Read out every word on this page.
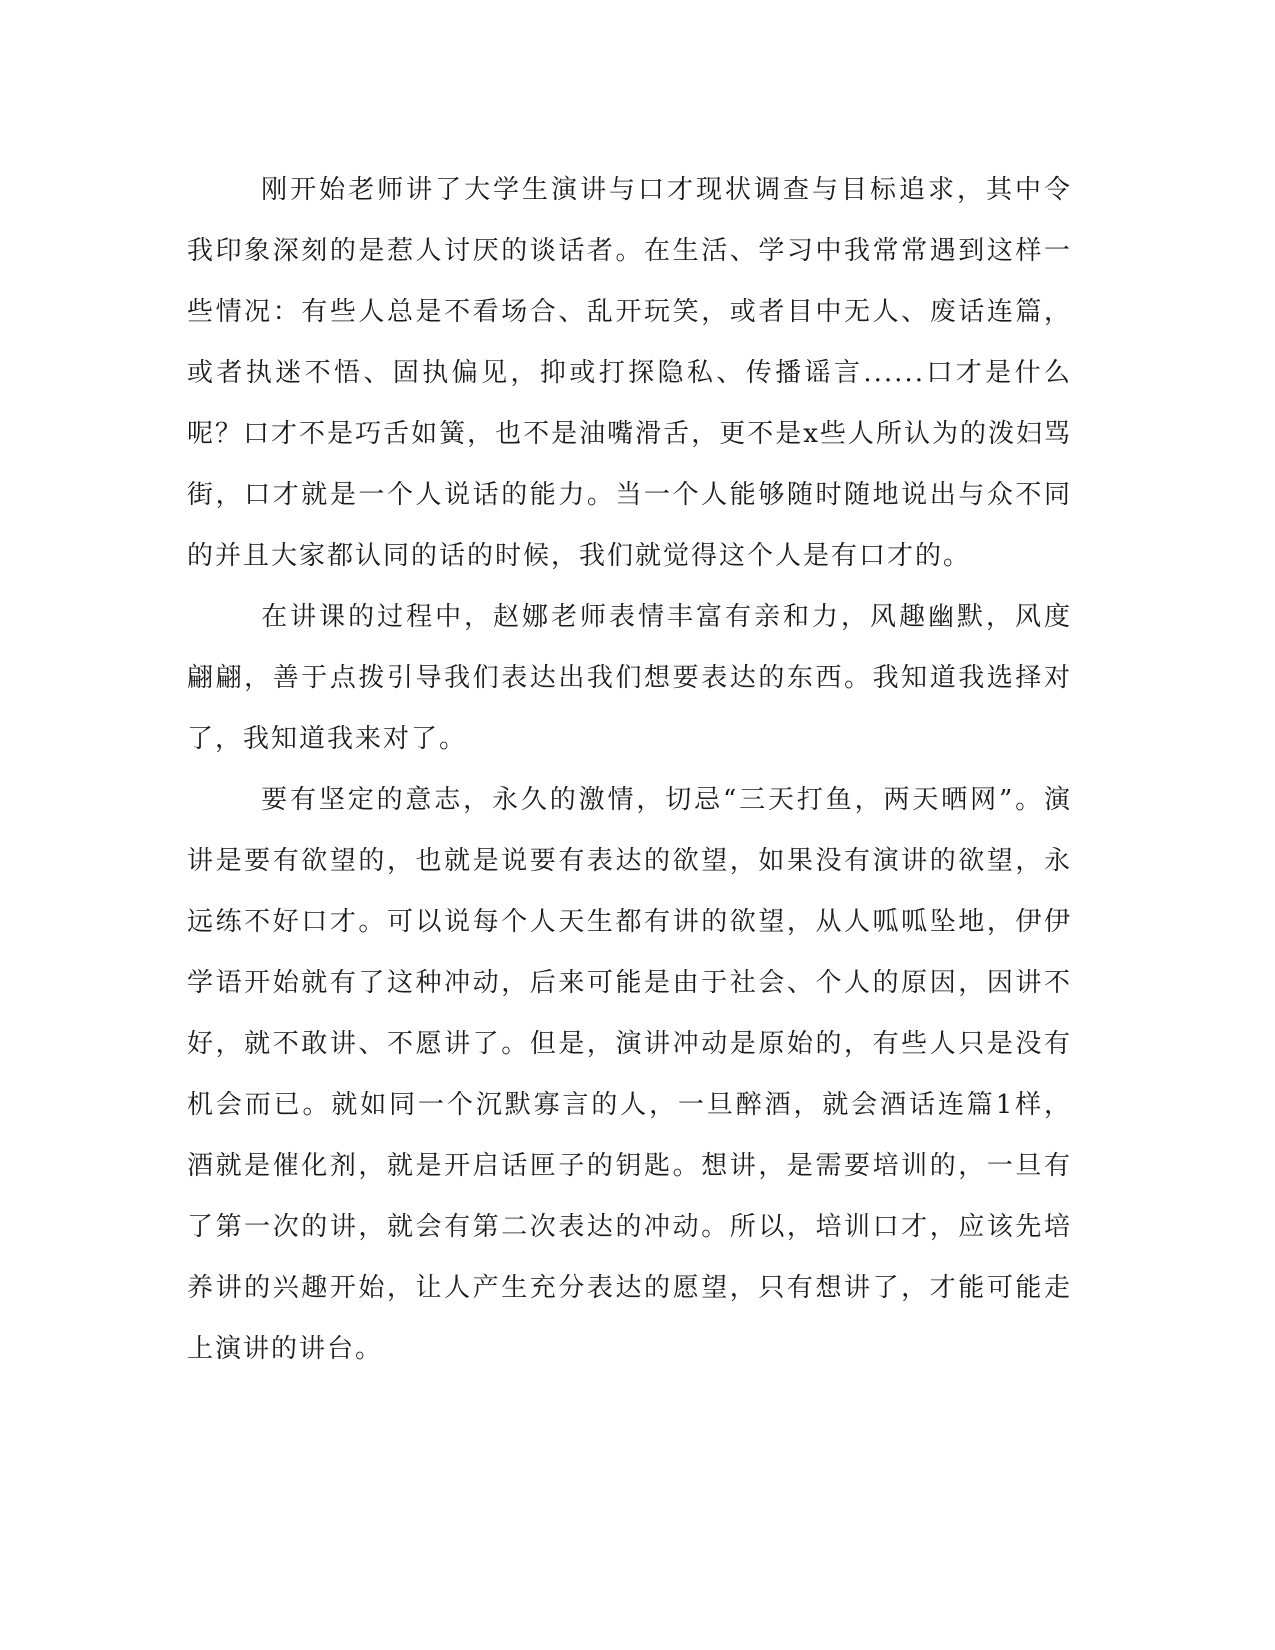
刚开始老师讲了大学生演讲与口才现状调查与目标追求，其中令我印象深刻的是惹人讨厌的谈话者。在生活、学习中我常常遇到这样一些情况：有些人总是不看场合、乱开玩笑，或者目中无人、废话连篇，或者执迷不悟、固执偏见，抑或打探隐私、传播谣言......口才是什么呢？口才不是巧舌如簧，也不是油嘴滑舌，更不是x些人所认为的泼妇骂街，口才就是一个人说话的能力。当一个人能够随时随地说出与众不同的并且大家都认同的话的时候，我们就觉得这个人是有口才的。

在讲课的过程中，赵娜老师表情丰富有亲和力，风趣幽默，风度翩翩，善于点拨引导我们表达出我们想要表达的东西。我知道我选择对了，我知道我来对了。

要有坚定的意志，永久的激情，切忌“三天打鱼，两天晒网”。演讲是要有欲望的，也就是说要有表达的欲望，如果没有演讲的欲望，永远练不好口才。可以说每个人天生都有讲的欲望，从人呱呱坠地，伊伊学语开始就有了这种冲动，后来可能是由于社会、个人的原因，因讲不好，就不敢讲、不愿讲了。但是，演讲冲动是原始的，有些人只是没有机会而已。就如同一个沉默寡言的人，一旦醉酒，就会酒话连篇1样，酒就是催化剂，就是开启话匣子的钥匙。想讲，是需要培训的，一旦有了第一次的讲，就会有第二次表达的冲动。所以，培训口才，应该先培养讲的兴趣开始，让人产生充分表达的愿望，只有想讲了，才能可能走上演讲的讲台。
